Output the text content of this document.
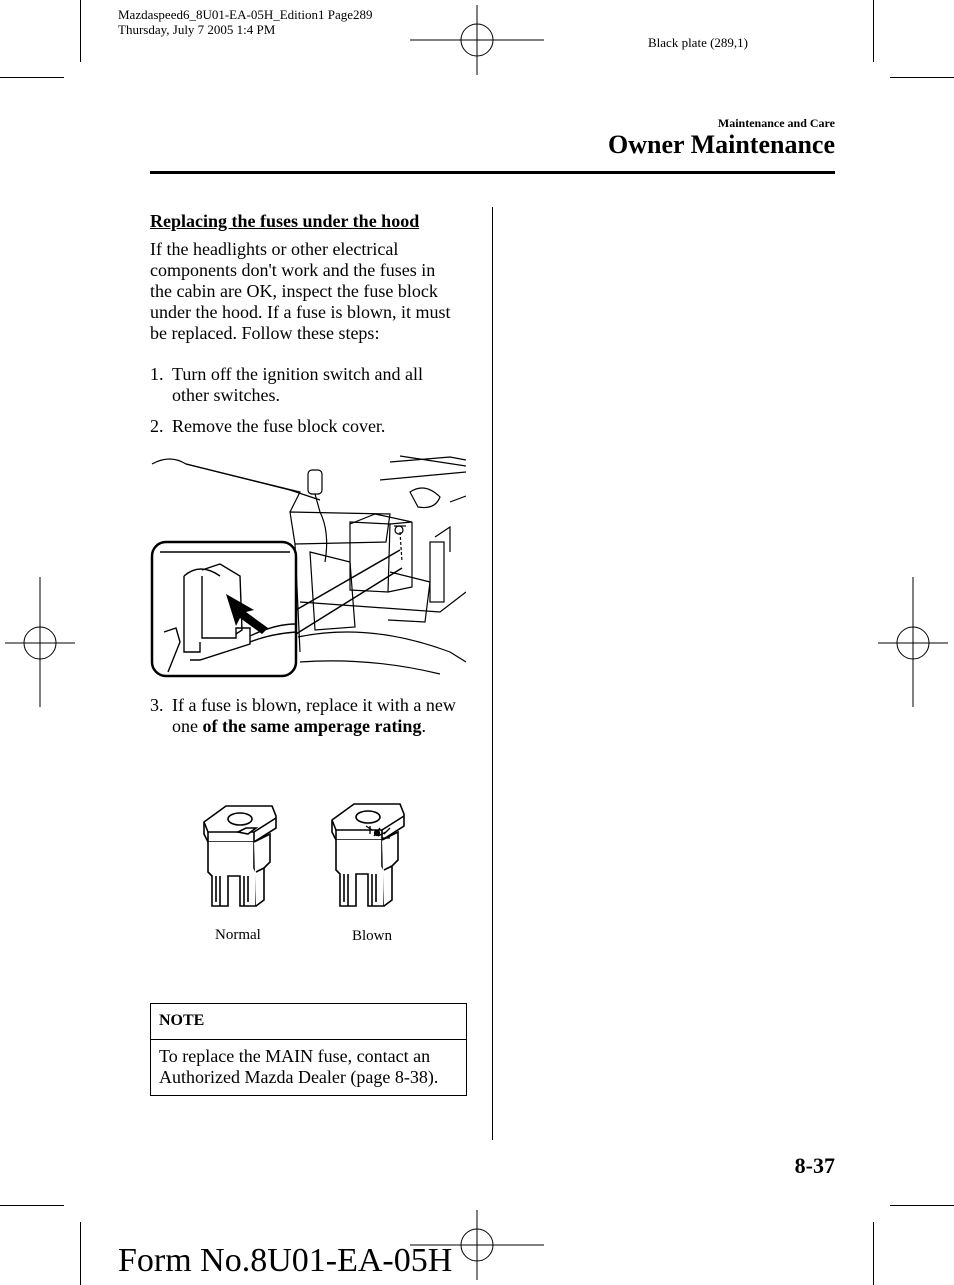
Mazdaspeed6_8U01-EA-05H_Edition1 Page289
Thursday, July 7 2005 1:4 PM
Black plate (289,1)
Maintenance and Care
Owner Maintenance
Replacing the fuses under the hood
If the headlights or other electrical
components don't work and the fuses in
the cabin are OK, inspect the fuse block
under the hood. If a fuse is blown, it must
be replaced. Follow these steps:
1. Turn off the ignition switch and all
other switches.
2. Remove the fuse block cover.
3. If a fuse is blown, replace it with a new
one of the same amperage rating.
Normal	Blown
NOTE
To replace the MAIN fuse, contact an
Authorized Mazda Dealer (page 8-38).
8-37
Form No.8U01-EA-05H
